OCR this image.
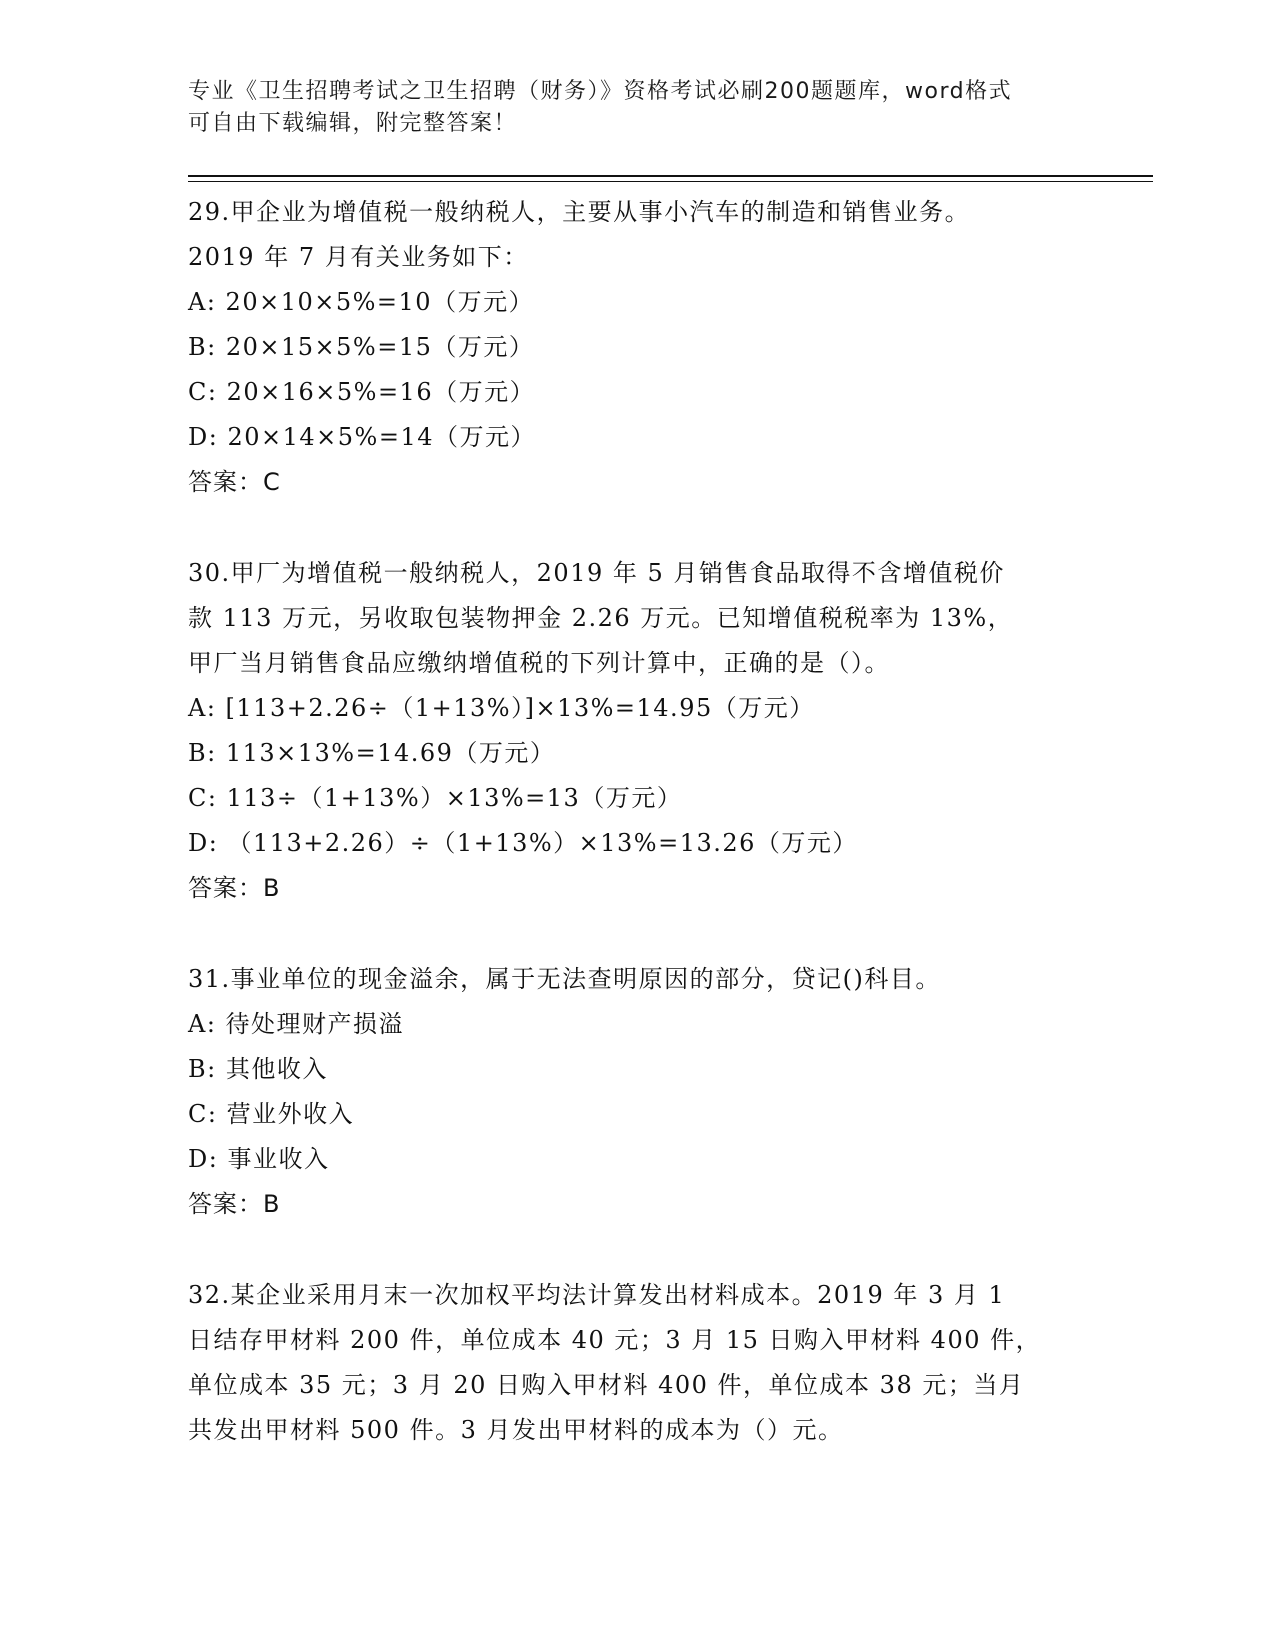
专业《卫生招聘考试之卫生招聘（财务）》资格考试必刷200题题库，word格式
可自由下载编辑，附完整答案！
29.甲企业为增值税一般纳税人，主要从事小汽车的制造和销售业务。
2019 年 7 月有关业务如下：
A: 20×10×5%=10（万元）
B: 20×15×5%=15（万元）
C: 20×16×5%=16（万元）
D: 20×14×5%=14（万元）
答案：C
30.甲厂为增值税一般纳税人，2019 年 5 月销售食品取得不含增值税价
款 113 万元，另收取包装物押金 2.26 万元。已知增值税税率为 13%，
甲厂当月销售食品应缴纳增值税的下列计算中，正确的是（）。
A: [113+2.26÷（1+13%）]×13%=14.95（万元）
B: 113×13%=14.69（万元）
C: 113÷（1+13%）×13%=13（万元）
D: （113+2.26）÷（1+13%）×13%=13.26（万元）
答案：B
31.事业单位的现金溢余，属于无法查明原因的部分，贷记()科目。
A: 待处理财产损溢
B: 其他收入
C: 营业外收入
D: 事业收入
答案：B
32.某企业采用月末一次加权平均法计算发出材料成本。2019 年 3 月 1
日结存甲材料 200 件，单位成本 40 元；3 月 15 日购入甲材料 400 件，
单位成本 35 元；3 月 20 日购入甲材料 400 件，单位成本 38 元；当月
共发出甲材料 500 件。3 月发出甲材料的成本为（）元。
